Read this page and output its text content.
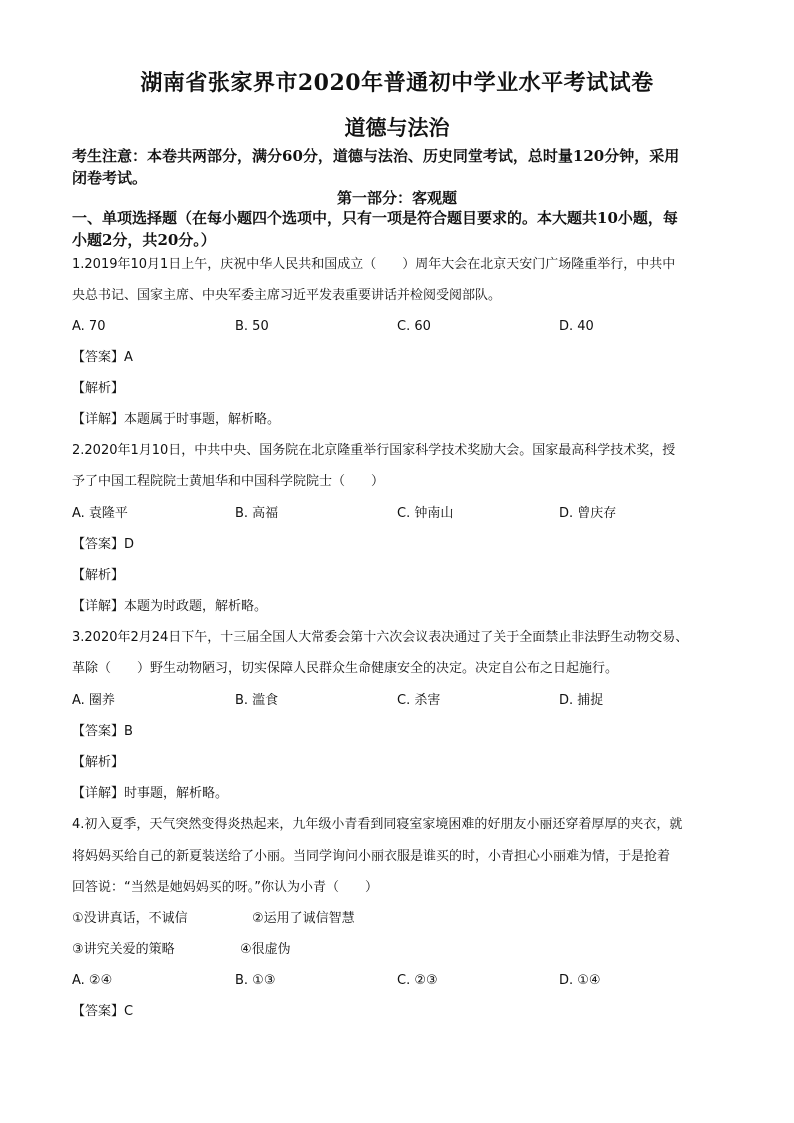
湖南省张家界市2020年普通初中学业水平考试试卷
道德与法治
考生注意：本卷共两部分，满分60分，道德与法治、历史同堂考试，总时量120分钟，采用
闭卷考试。
第一部分：客观题
一、单项选择题（在每小题四个选项中，只有一项是符合题目要求的。本大题共10小题，每
小题2分，共20分。）
1.2019年10月1日上午，庆祝中华人民共和国成立（　　）周年大会在北京天安门广场隆重举行，中共中
央总书记、国家主席、中央军委主席习近平发表重要讲话并检阅受阅部队。
A. 70	B. 50	C. 60	D. 40
【答案】A
【解析】
【详解】本题属于时事题，解析略。
2.2020年1月10日，中共中央、国务院在北京隆重举行国家科学技术奖励大会。国家最高科学技术奖，授
予了中国工程院院士黄旭华和中国科学院院士（　　）
A. 袁隆平	B. 高福	C. 钟南山	D. 曾庆存
【答案】D
【解析】
【详解】本题为时政题，解析略。
3.2020年2月24日下午，十三届全国人大常委会第十六次会议表决通过了关于全面禁止非法野生动物交易、
革除（　　）野生动物陋习，切实保障人民群众生命健康安全的决定。决定自公布之日起施行。
A. 圈养	B. 滥食	C. 杀害	D. 捕捉
【答案】B
【解析】
【详解】时事题，解析略。
4.初入夏季，天气突然变得炎热起来，九年级小青看到同寝室家境困难的好朋友小丽还穿着厚厚的夹衣，就
将妈妈买给自己的新夏装送给了小丽。当同学询问小丽衣服是谁买的时，小青担心小丽难为情，于是抢着
回答说：“当然是她妈妈买的呀。”你认为小青（　　）
①没讲真话，不诚信	②运用了诚信智慧
③讲究关爱的策略	④很虚伪
A. ②④	B. ①③	C. ②③	D. ①④
【答案】C
